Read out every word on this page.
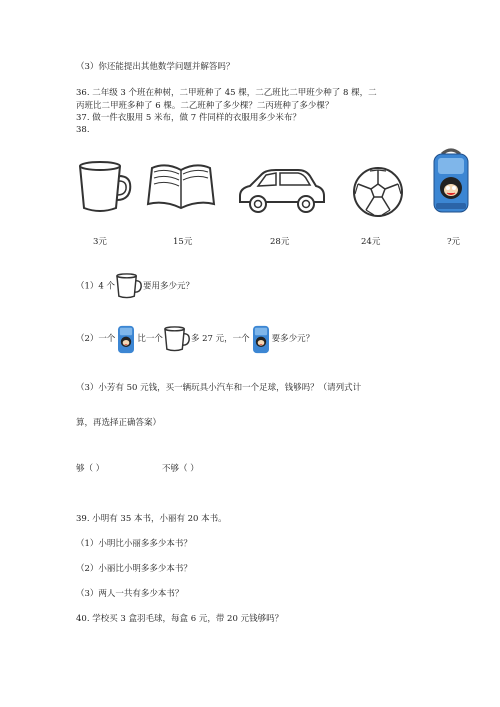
（3）你还能提出其他数学问题并解答吗？
36. 二年级 3 个班在种树，二甲班种了 45 棵，二乙班比二甲班少种了 8 棵，二
丙班比二甲班多种了 6 棵。二乙班种了多少棵？二丙班种了多少棵？
37. 做一件衣服用 5 米布，做 7 件同样的衣服用多少米布？
38.
3元	15元	28元	24元	?元
（1）4 个	要用多少元？
（2）一个	比一个	多 27 元，一个	要多少元？
（3）小芳有 50 元钱，买一辆玩具小汽车和一个足球，钱够吗？（请列式计
算，再选择正确答案）
够（ ）	不够（ ）
39. 小明有 35 本书，小丽有 20 本书。
（1）小明比小丽多多少本书？
（2）小丽比小明多多少本书？
（3）两人一共有多少本书？
40. 学校买 3 盒羽毛球，每盒 6 元，带 20 元钱够吗？
